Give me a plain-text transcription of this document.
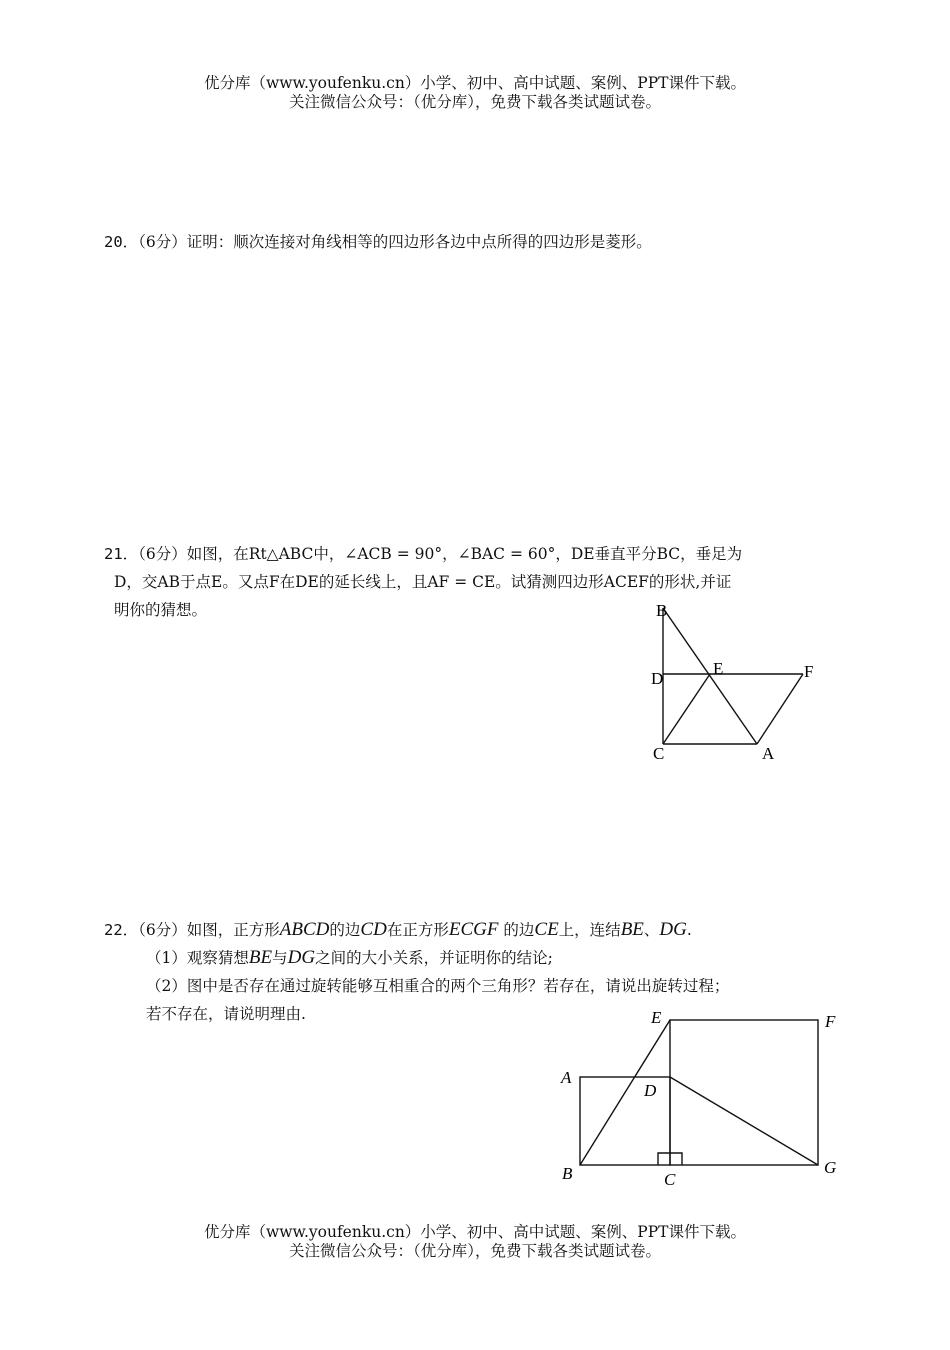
优分库（www.youfenku.cn）小学、初中、高中试题、案例、PPT课件下载。
关注微信公众号：（优分库），免费下载各类试题试卷。
20．（6分）证明：顺次连接对角线相等的四边形各边中点所得的四边形是菱形。
21．（6分）如图，在Rt△ABC中，∠ACB = 90°，∠BAC = 60°，DE垂直平分BC，垂足为
D，交AB于点E。又点F在DE的延长线上，且AF = CE。试猜测四边形ACEF的形状,并证
明你的猜想。	B
D
E	F
C	A
22．（6分）如图，正方形ABCD的边CD在正方形ECGF 的边CE上，连结BE、DG.
（1）观察猜想BE与DG之间的大小关系，并证明你的结论;
（2）图中是否存在通过旋转能够互相重合的两个三角形？若存在，请说出旋转过程；
若不存在，请说明理由.	E	F
A
D
B	C
G
优分库（www.youfenku.cn）小学、初中、高中试题、案例、PPT课件下载。
关注微信公众号：（优分库），免费下载各类试题试卷。
